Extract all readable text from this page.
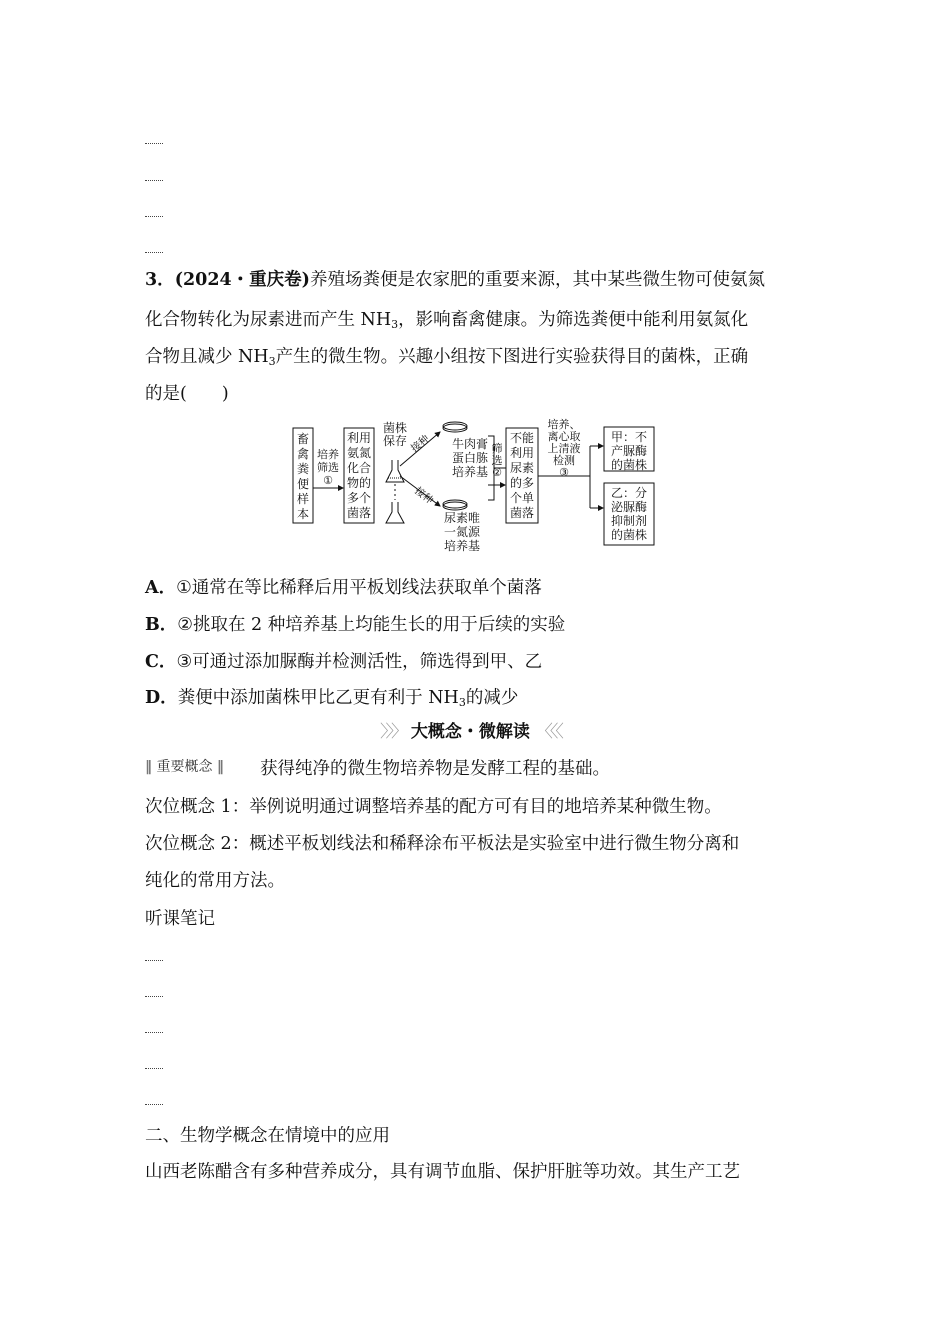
3．(2024・重庆卷)养殖场粪便是农家肥的重要来源，其中某些微生物可使氨氮
化合物转化为尿素进而产生 $NH_3$，影响畜禽健康。为筛选粪便中能利用氨氮化
合物且减少 $NH_3$产生的微生物。兴趣小组按下图进行实验获得目的菌株，正确
的是(　　)
畜禽粪便样本
培养筛选 ①
利用氨氮化合物的多个菌落
菌株保存 接种
接种
牛肉膏蛋白胨培养基
尿素唯一氮源培养基
筛选 ②
不能利用尿素的多个单菌落
培养、离心取上清液检测 ③
甲：不产脲酶的菌株
乙：分泌脲酶抑制剂的菌株
A．①通常在等比稀释后用平板划线法获取单个菌落
B．②挑取在 2 种培养基上均能生长的用于后续的实验
C．③可通过添加脲酶并检测活性，筛选得到甲、乙
D．粪便中添加菌株甲比乙更有利于 $NH_3$的减少
〉〉〉 大概念・微解读 〈〈〈
‖ 重要概念 ‖ 获得纯净的微生物培养物是发酵工程的基础。
次位概念 1：举例说明通过调整培养基的配方可有目的地培养某种微生物。
次位概念 2：概述平板划线法和稀释涂布平板法是实验室中进行微生物分离和
纯化的常用方法。
听课笔记
二、生物学概念在情境中的应用
山西老陈醋含有多种营养成分，具有调节血脂、保护肝脏等功效。其生产工艺
